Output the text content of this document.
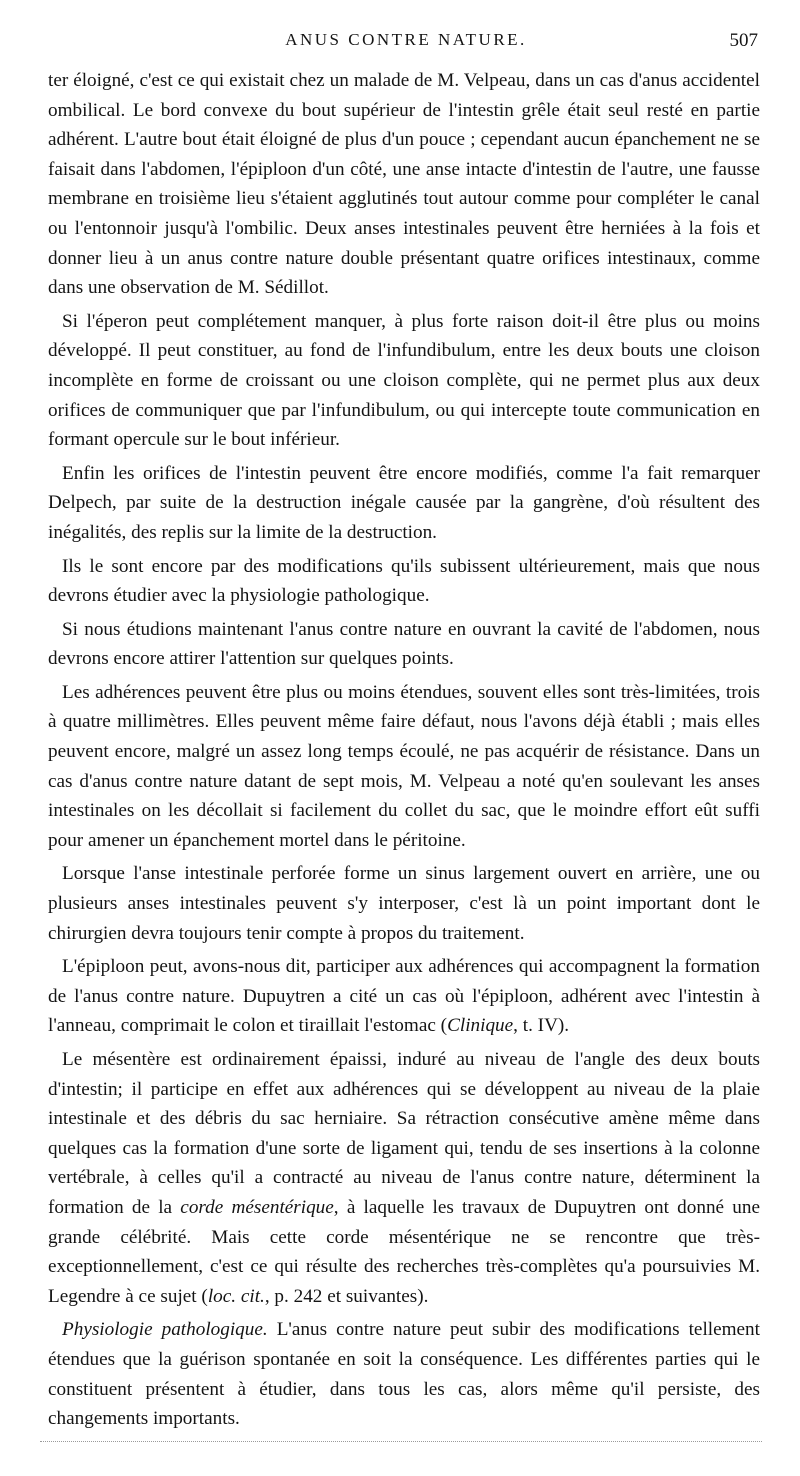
ANUS CONTRE NATURE.	507

ter éloigné, c'est ce qui existait chez un malade de M. Velpeau, dans un cas d'anus accidentel ombilical. Le bord convexe du bout supérieur de l'intestin grêle était seul resté en partie adhérent. L'autre bout était éloigné de plus d'un pouce ; cependant aucun épanchement ne se faisait dans l'abdomen, l'épiploon d'un côté, une anse intacte d'intestin de l'autre, une fausse membrane en troisième lieu s'étaient agglutinés tout autour comme pour compléter le canal ou l'entonnoir jusqu'à l'ombilic. Deux anses intestinales peuvent être herniées à la fois et donner lieu à un anus contre nature double présentant quatre orifices intestinaux, comme dans une observation de M. Sédillot.

Si l'éperon peut complétement manquer, à plus forte raison doit-il être plus ou moins développé. Il peut constituer, au fond de l'infundibulum, entre les deux bouts une cloison incomplète en forme de croissant ou une cloison complète, qui ne permet plus aux deux orifices de communiquer que par l'infundibulum, ou qui intercepte toute communication en formant opercule sur le bout inférieur.

Enfin les orifices de l'intestin peuvent être encore modifiés, comme l'a fait remarquer Delpech, par suite de la destruction inégale causée par la gangrène, d'où résultent des inégalités, des replis sur la limite de la destruction.

Ils le sont encore par des modifications qu'ils subissent ultérieurement, mais que nous devrons étudier avec la physiologie pathologique.

Si nous étudions maintenant l'anus contre nature en ouvrant la cavité de l'abdomen, nous devrons encore attirer l'attention sur quelques points.

Les adhérences peuvent être plus ou moins étendues, souvent elles sont très-limitées, trois à quatre millimètres. Elles peuvent même faire défaut, nous l'avons déjà établi ; mais elles peuvent encore, malgré un assez long temps écoulé, ne pas acquérir de résistance. Dans un cas d'anus contre nature datant de sept mois, M. Velpeau a noté qu'en soulevant les anses intestinales on les décollait si facilement du collet du sac, que le moindre effort eût suffi pour amener un épanchement mortel dans le péritoine.

Lorsque l'anse intestinale perforée forme un sinus largement ouvert en arrière, une ou plusieurs anses intestinales peuvent s'y interposer, c'est là un point important dont le chirurgien devra toujours tenir compte à propos du traitement.

L'épiploon peut, avons-nous dit, participer aux adhérences qui accompagnent la formation de l'anus contre nature. Dupuytren a cité un cas où l'épiploon, adhérent avec l'intestin à l'anneau, comprimait le colon et tiraillait l'estomac (Clinique, t. IV).

Le mésentère est ordinairement épaissi, induré au niveau de l'angle des deux bouts d'intestin; il participe en effet aux adhérences qui se développent au niveau de la plaie intestinale et des débris du sac herniaire. Sa rétraction consécutive amène même dans quelques cas la formation d'une sorte de ligament qui, tendu de ses insertions à la colonne vertébrale, à celles qu'il a contracté au niveau de l'anus contre nature, déterminent la formation de la corde mésentérique, à laquelle les travaux de Dupuytren ont donné une grande célébrité. Mais cette corde mésentérique ne se rencontre que très-exceptionnellement, c'est ce qui résulte des recherches très-complètes qu'a poursuivies M. Legendre à ce sujet (loc. cit., p. 242 et suivantes).

Physiologie pathologique. L'anus contre nature peut subir des modifications tellement étendues que la guérison spontanée en soit la conséquence. Les différentes parties qui le constituent présentent à étudier, dans tous les cas, alors même qu'il persiste, des changements importants.
